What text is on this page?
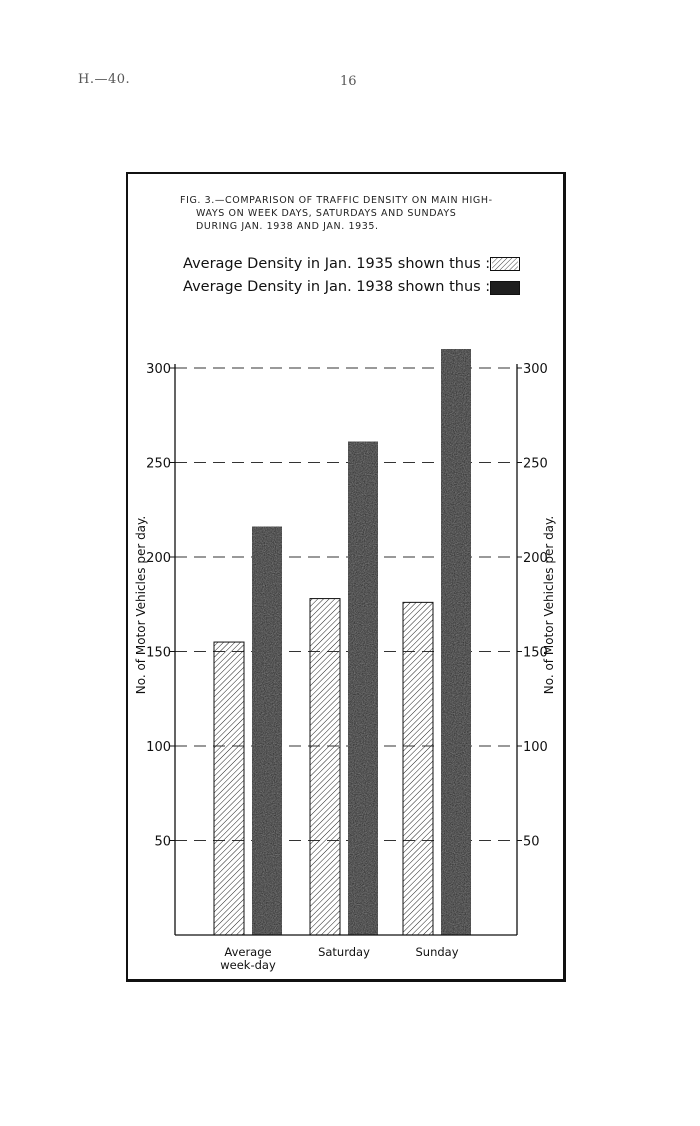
H.—40.	16
FIG. 3.—COMPARISON OF TRAFFIC DENSITY ON MAIN HIGH-
WAYS ON WEEK DAYS, SATURDAYS AND SUNDAYS
DURING JAN. 1938 AND JAN. 1935.
Average Density in Jan. 1935 shown thus :
Average Density in Jan. 1938 shown thus :
50	50
100	100
150	150
200	200
250	250
300	300
Average week-day
Saturday	Sunday
No. of Motor Vehicles per day.	No. of Motor Vehicles per day.
